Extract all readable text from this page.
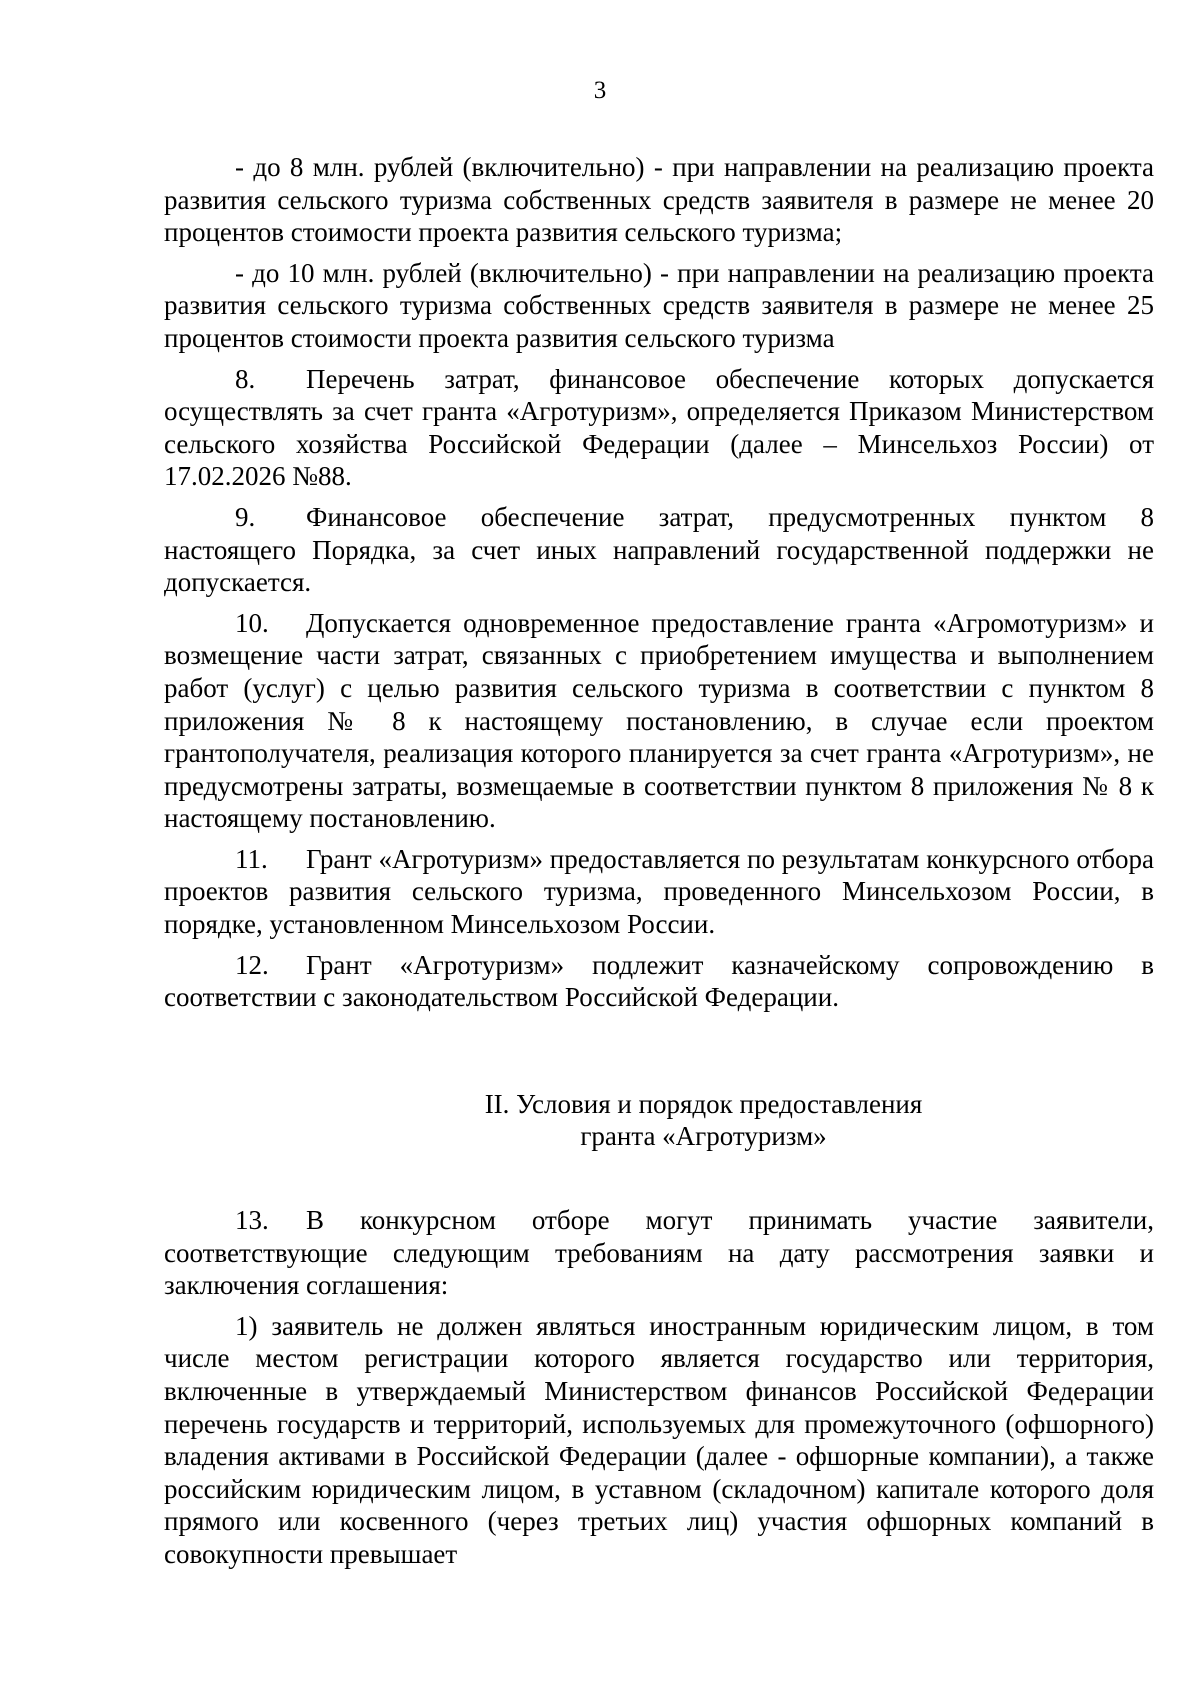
3

- до 8 млн. рублей (включительно) - при направлении на реализацию проекта развития сельского туризма собственных средств заявителя в размере не менее 20 процентов стоимости проекта развития сельского туризма;

- до 10 млн. рублей (включительно) - при направлении на реализацию проекта развития сельского туризма собственных средств заявителя в размере не менее 25 процентов стоимости проекта развития сельского туризма

8. Перечень затрат, финансовое обеспечение которых допускается осуществлять за счет гранта «Агротуризм», определяется Приказом Министерством сельского хозяйства Российской Федерации (далее – Минсельхоз России) от 17.02.2026 №88.

9. Финансовое обеспечение затрат, предусмотренных пунктом 8 настоящего Порядка, за счет иных направлений государственной поддержки не допускается.

10. Допускается одновременное предоставление гранта «Агромотуризм» и возмещение части затрат, связанных с приобретением имущества и выполнением работ (услуг) с целью развития сельского туризма в соответствии с пунктом 8 приложения № 8 к настоящему постановлению, в случае если проектом грантополучателя, реализация которого планируется за счет гранта «Агротуризм», не предусмотрены затраты, возмещаемые в соответствии пунктом 8 приложения № 8 к настоящему постановлению.

11. Грант «Агротуризм» предоставляется по результатам конкурсного отбора проектов развития сельского туризма, проведенного Минсельхозом России, в порядке, установленном Минсельхозом России.

12. Грант «Агротуризм» подлежит казначейскому сопровождению в соответствии с законодательством Российской Федерации.

II. Условия и порядок предоставления
гранта «Агротуризм»

13. В конкурсном отборе могут принимать участие заявители, соответствующие следующим требованиям на дату рассмотрения заявки и заключения соглашения:

1) заявитель не должен являться иностранным юридическим лицом, в том числе местом регистрации которого является государство или территория, включенные в утверждаемый Министерством финансов Российской Федерации перечень государств и территорий, используемых для промежуточного (офшорного) владения активами в Российской Федерации (далее - офшорные компании), а также российским юридическим лицом, в уставном (складочном) капитале которого доля прямого или косвенного (через третьих лиц) участия офшорных компаний в совокупности превышает
